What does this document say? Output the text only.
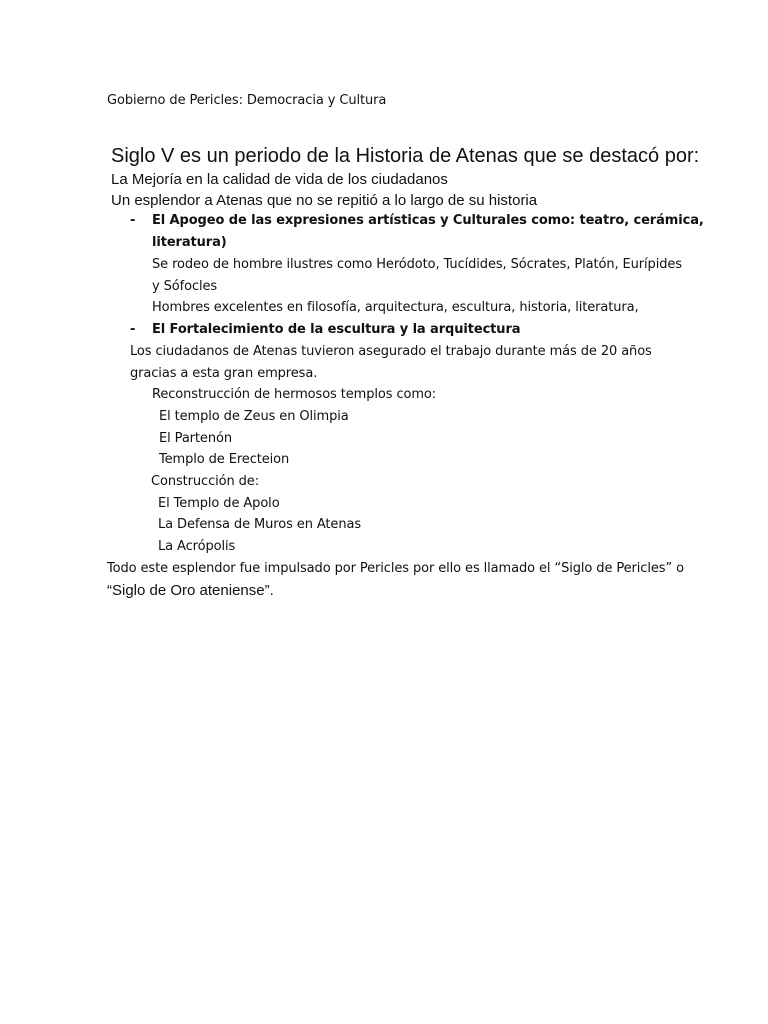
Gobierno de Pericles: Democracia y Cultura
Siglo V es un periodo de la Historia de Atenas que se destacó por:
La Mejoría en la calidad de vida de los ciudadanos
Un esplendor a Atenas que no se repitió a lo largo de su historia
- El Apogeo de las expresiones artísticas y Culturales como: teatro, cerámica,
literatura)
Se rodeo de hombre ilustres como Heródoto, Tucídides, Sócrates, Platón, Eurípides
y Sófocles
Hombres excelentes en filosofía, arquitectura, escultura, historia, literatura,
- El Fortalecimiento de la escultura y la arquitectura
Los ciudadanos de Atenas tuvieron asegurado el trabajo durante más de 20 años
gracias a esta gran empresa.
Reconstrucción de hermosos templos como:
El templo de Zeus en Olimpia
El Partenón
Templo de Erecteion
Construcción de:
El Templo de Apolo
La Defensa de Muros en Atenas
La Acrópolis
Todo este esplendor fue impulsado por Pericles por ello es llamado el “Siglo de Pericles” o
“Siglo de Oro ateniense”.
